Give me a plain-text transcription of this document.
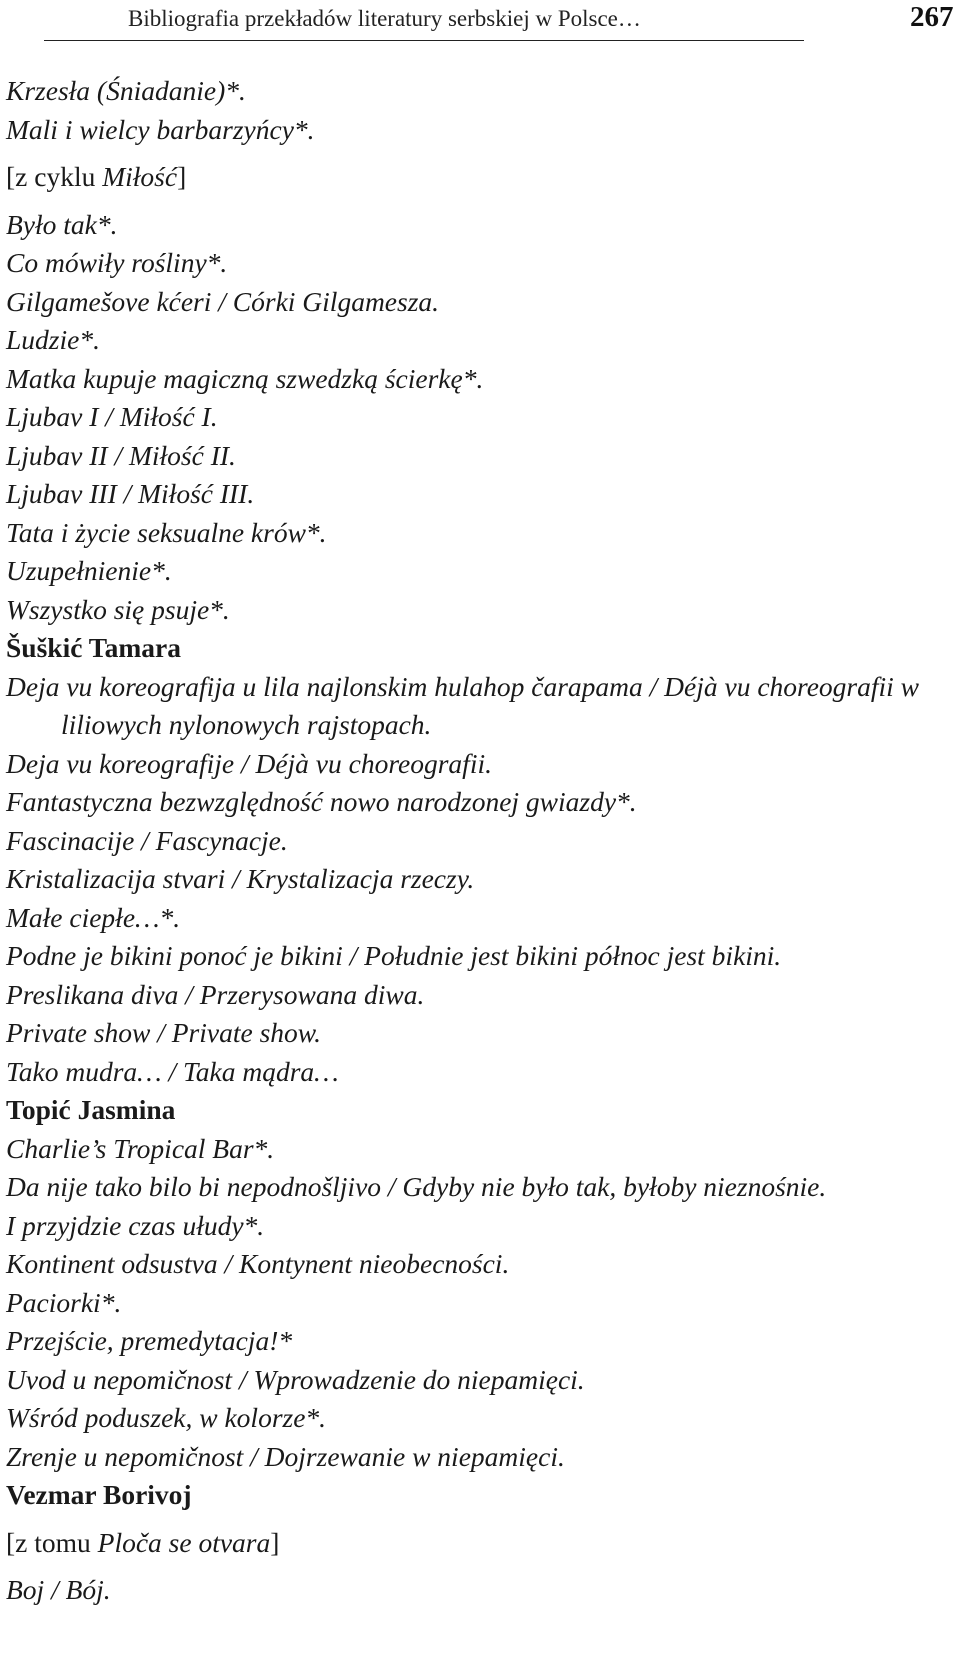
Bibliografia przekładów literatury serbskiej w Polsce…	267
Krzesła (Śniadanie)*.
Mali i wielcy barbarzyńcy*.
[z cyklu Miłość]
Było tak*.
Co mówiły rośliny*.
Gilgamešove kćeri / Córki Gilgamesza.
Ludzie*.
Matka kupuje magiczną szwedzką ścierkę*.
Ljubav I / Miłość I.
Ljubav II / Miłość II.
Ljubav III / Miłość III.
Tata i życie seksualne krów*.
Uzupełnienie*.
Wszystko się psuje*.
Šuškić Tamara
Deja vu koreografija u lila najlonskim hulahop čarapama / Déjà vu choreografii w liliowych nylonowych rajstopach.
Deja vu koreografije / Déjà vu choreografii.
Fantastyczna bezwzględność nowo narodzonej gwiazdy*.
Fascinacije / Fascynacje.
Kristalizacija stvari / Krystalizacja rzeczy.
Małe ciepłe…*.
Podne je bikini ponoć je bikini / Południe jest bikini północ jest bikini.
Preslikana diva / Przerysowana diwa.
Private show / Private show.
Tako mudra… / Taka mądra…
Topić Jasmina
Charlie’s Tropical Bar*.
Da nije tako bilo bi nepodnošljivo / Gdyby nie było tak, byłoby nieznośnie.
I przyjdzie czas ułudy*.
Kontinent odsustva / Kontynent nieobecności.
Paciorki*.
Przejście, premedytacja!*
Uvod u nepomičnost / Wprowadzenie do niepamięci.
Wśród poduszek, w kolorze*.
Zrenje u nepomičnost / Dojrzewanie w niepamięci.
Vezmar Borivoj
[z tomu Ploča se otvara]
Boj / Bój.
